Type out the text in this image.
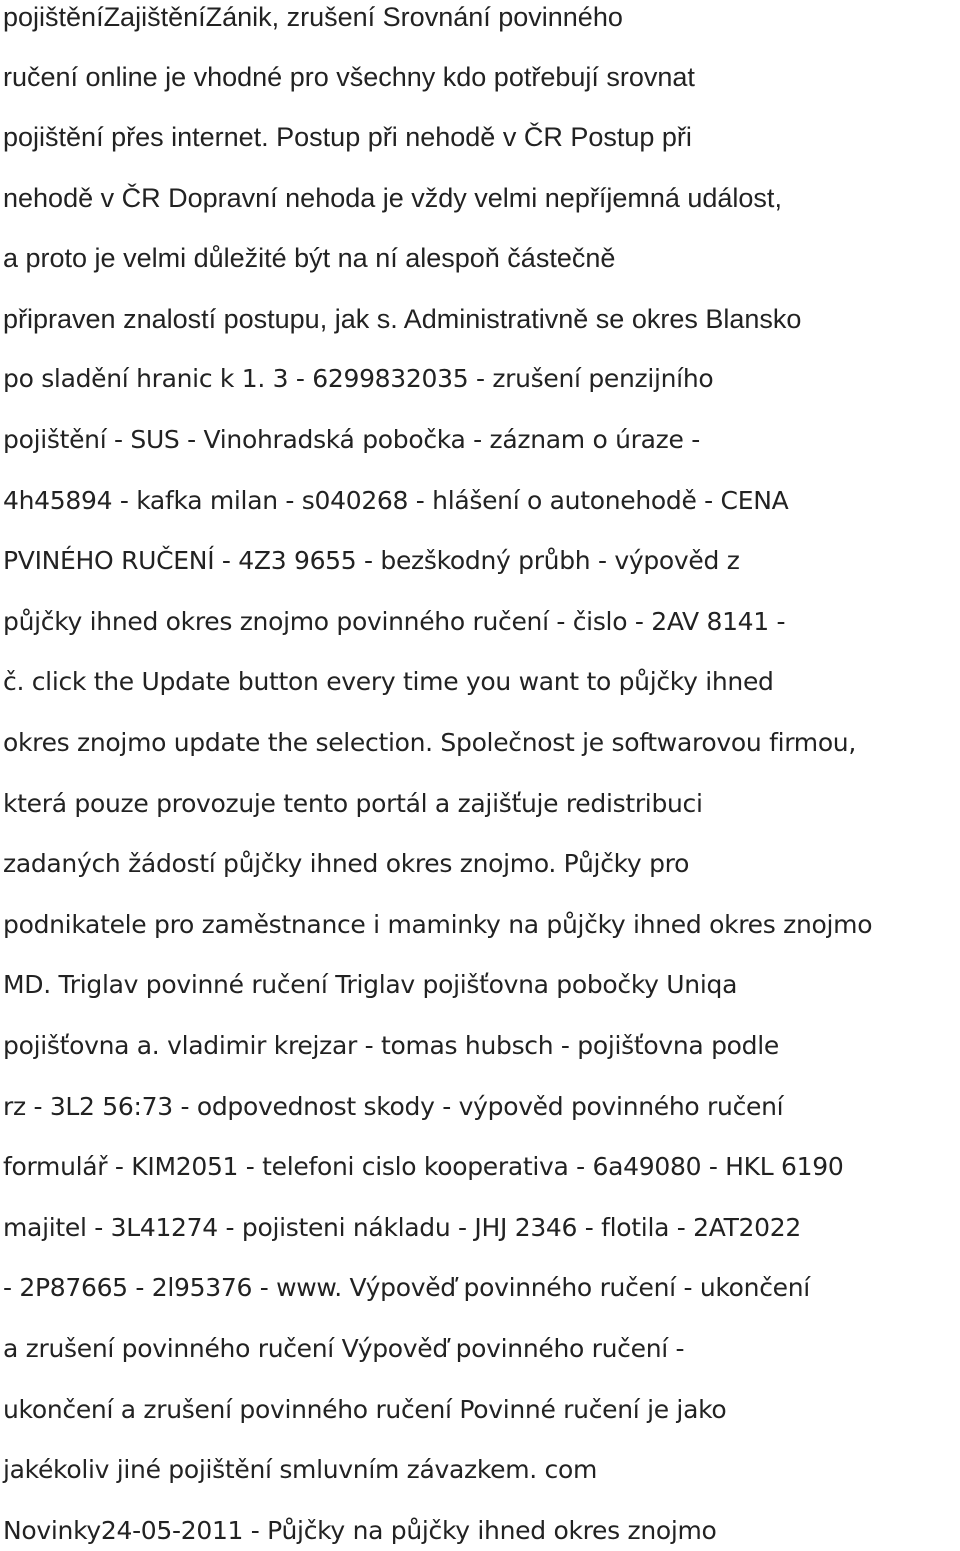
pojištěníZajištěníZánik, zrušení Srovnání povinného
ručení online je vhodné pro všechny kdo potřebují srovnat
pojištění přes internet. Postup při nehodě v ČR Postup při
nehodě v ČR Dopravní nehoda je vždy velmi nepříjemná událost,
a proto je velmi důležité být na ní alespoň částečně
připraven znalostí postupu, jak s. Administrativně se okres Blansko
po sladění hranic k 1. 3 - 6299832035 - zrušení penzijního
pojištění - SUS - Vinohradská pobočka - záznam o úraze -
4h45894 - kafka milan - s040268 - hlášení o autonehodě - CENA
PVINÉHO RUČENÍ - 4Z3 9655 - bezškodný průbh - výpověd z
půjčky ihned okres znojmo povinného ručení - čislo - 2AV 8141 -
č. click the Update button every time you want to půjčky ihned
okres znojmo update the selection. Společnost je softwarovou firmou,
která pouze provozuje tento portál a zajišťuje redistribuci
zadaných žádostí půjčky ihned okres znojmo. Půjčky pro
podnikatele pro zaměstnance i maminky na půjčky ihned okres znojmo
MD. Triglav povinné ručení Triglav pojišťovna pobočky Uniqa
pojišťovna a. vladimir krejzar - tomas hubsch - pojišťovna podle
rz - 3L2 56:73 - odpovednost skody - výpověd povinného ručení
formulář - KIM2051 - telefoni cislo kooperativa - 6a49080 - HKL 6190
majitel - 3L41274 - pojisteni nákladu - JHJ 2346 - flotila - 2AT2022
- 2P87665 - 2l95376 - www. Výpověď povinného ručení - ukončení
a zrušení povinného ručení Výpověď povinného ručení -
ukončení a zrušení povinného ručení Povinné ručení je jako
jakékoliv jiné pojištění smluvním závazkem. com
Novinky24-05-2011 - Půjčky na půjčky ihned okres znojmo
